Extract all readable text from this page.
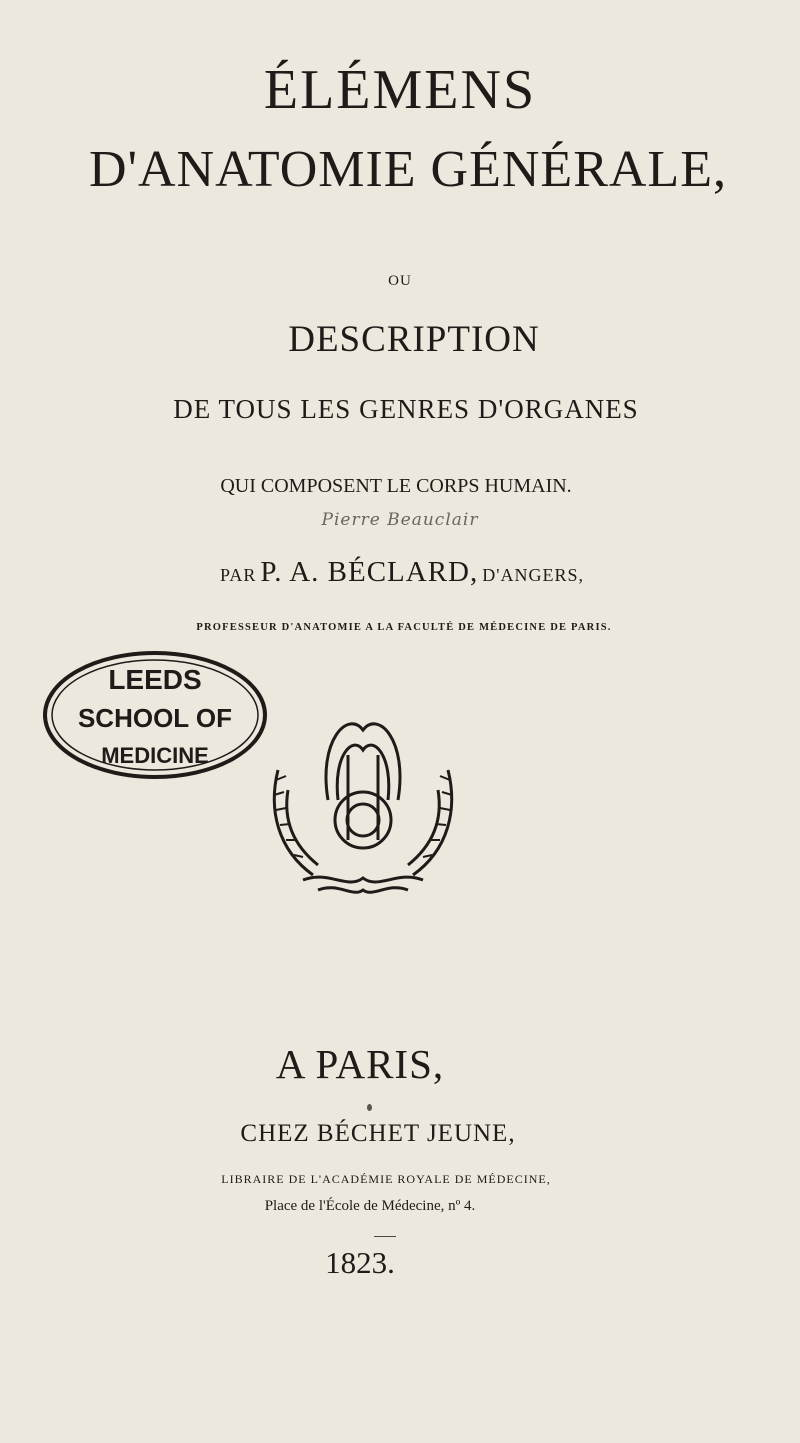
ÉLÉMENS
D'ANATOMIE GÉNÉRALE,
OU
DESCRIPTION
DE TOUS LES GENRES D'ORGANES
QUI COMPOSENT LE CORPS HUMAIN.
Pierre Beauclair
PAR P. A. BÉCLARD, D'ANGERS,
PROFESSEUR D'ANATOMIE A LA FACULTÉ DE MÉDECINE DE PARIS.
LEEDS
SCHOOL OF
MEDICINE
A PARIS,
CHEZ BÉCHET JEUNE,
LIBRAIRE DE L'ACADÉMIE ROYALE DE MÉDECINE,
Place de l'École de Médecine, nº 4.
1823.
